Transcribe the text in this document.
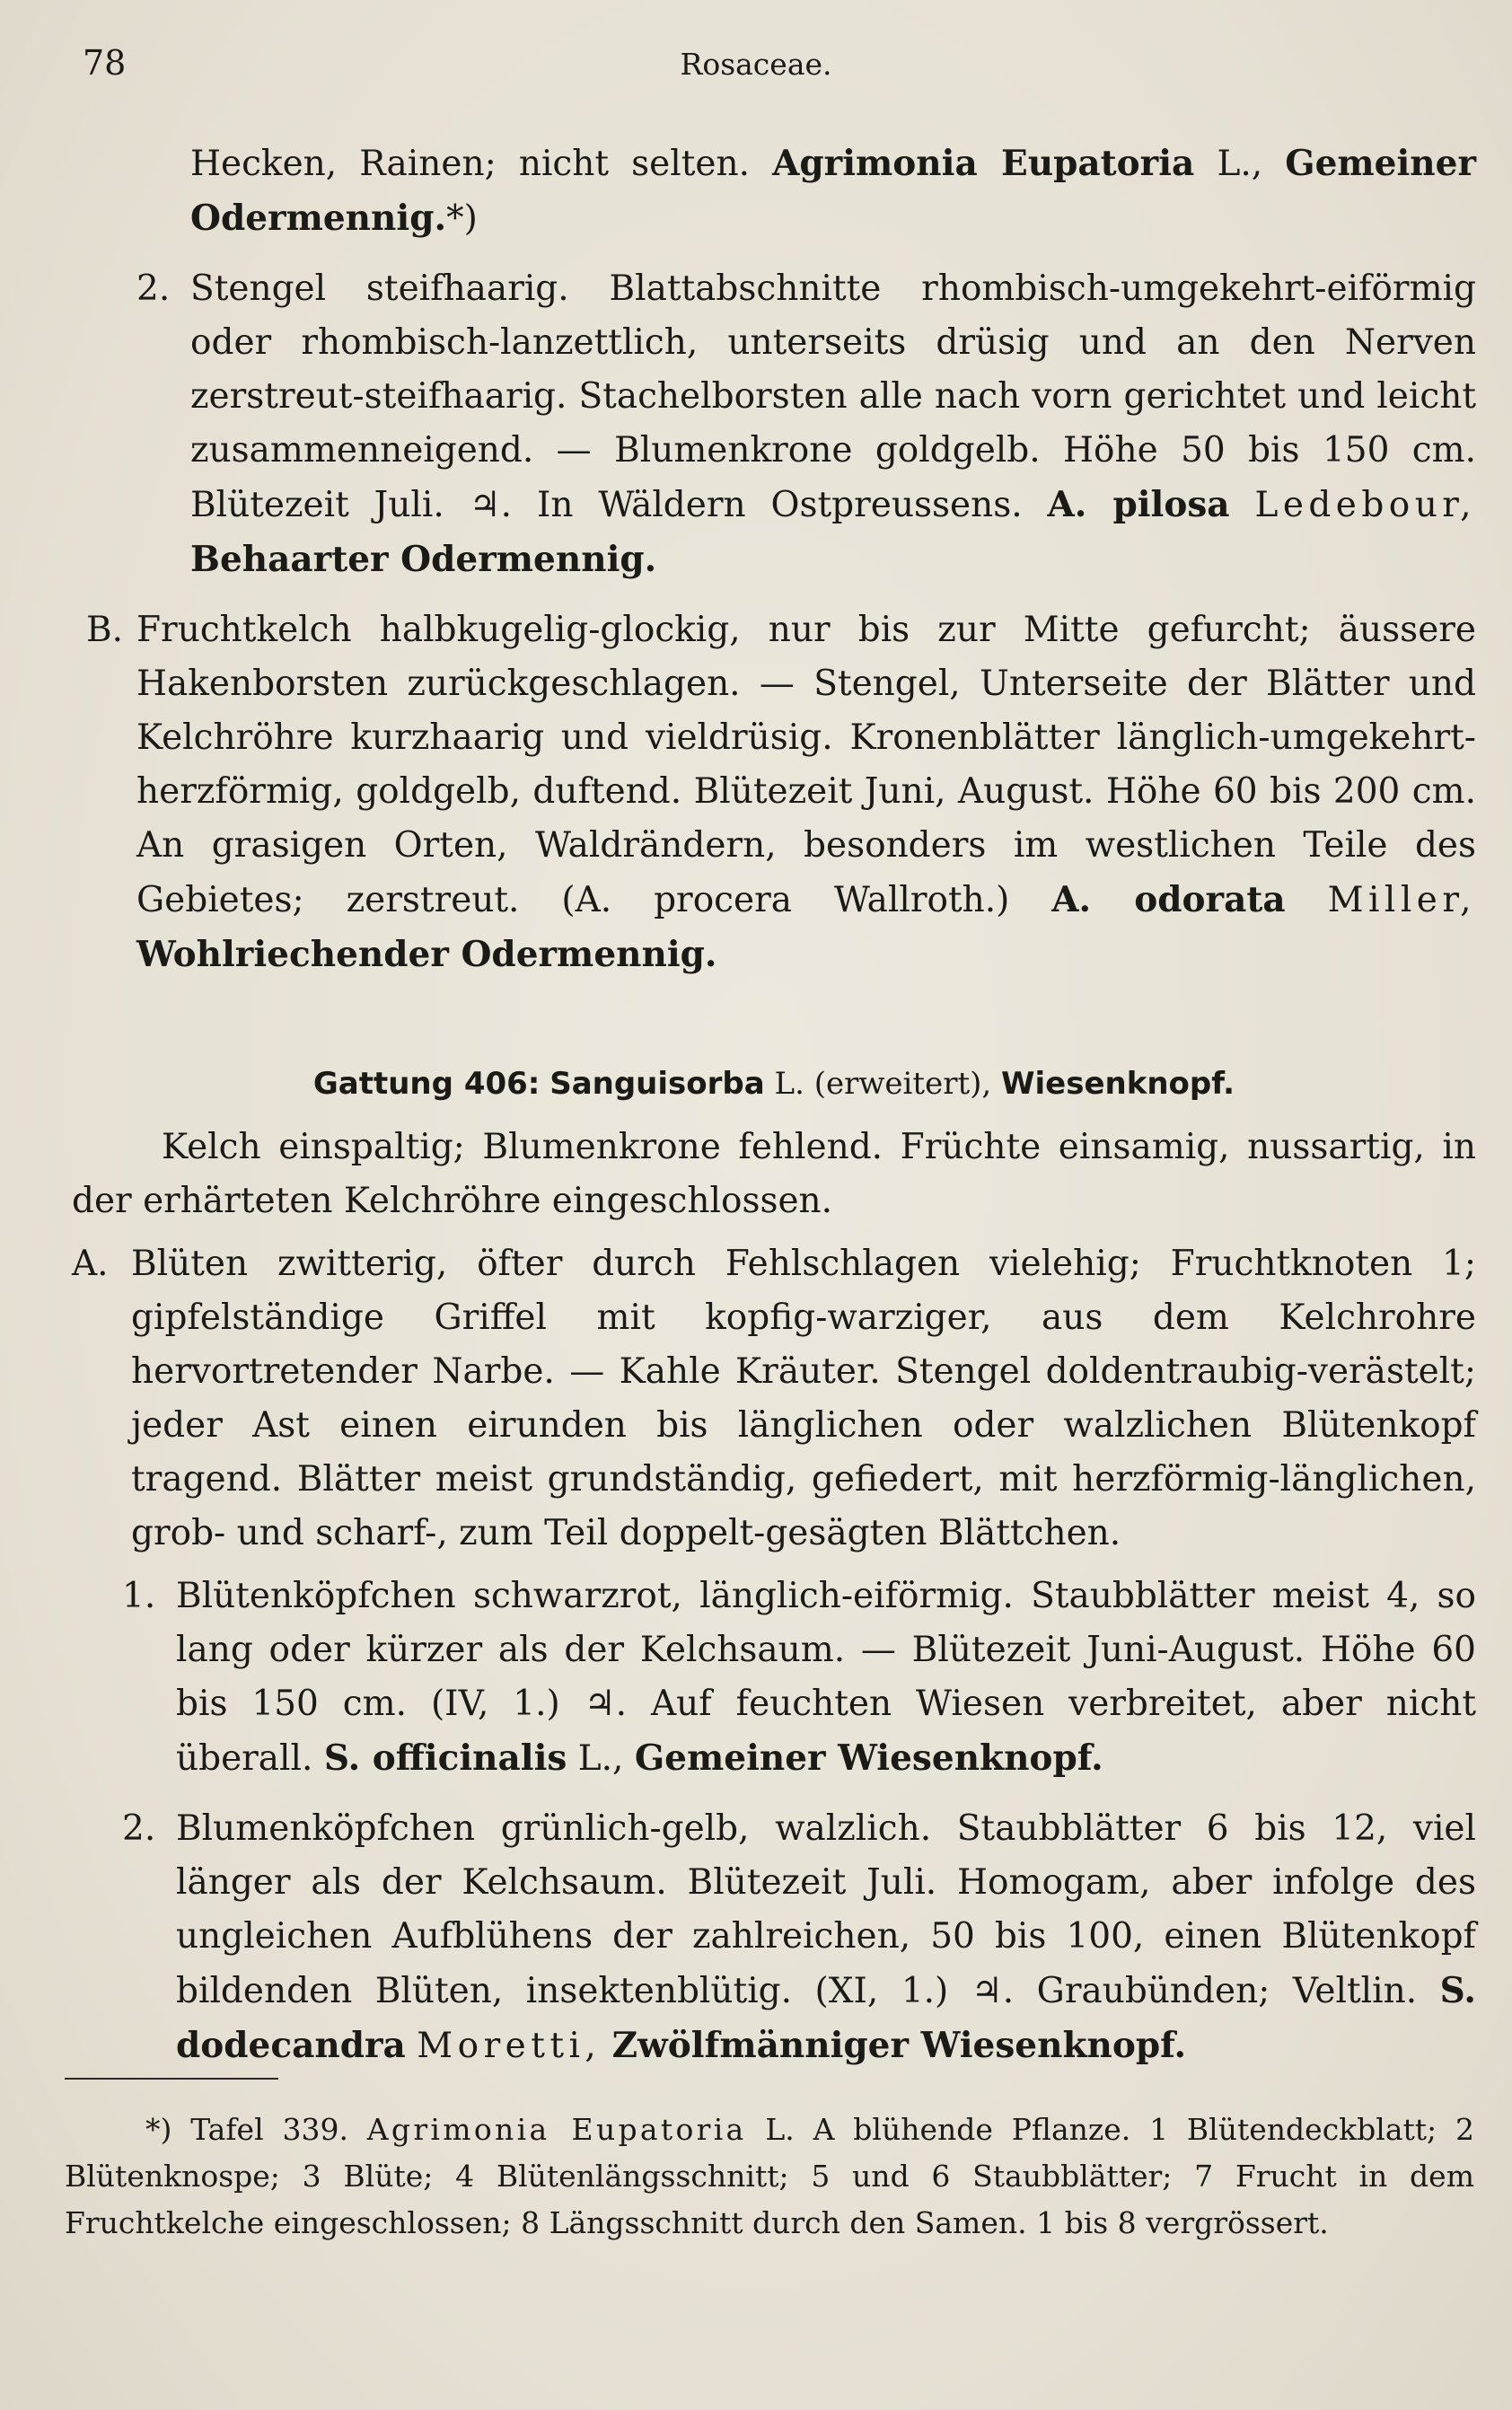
78	Rosaceae.

Hecken, Rainen; nicht selten. Agrimonia Eupatoria L., Gemeiner Odermennig.*)

2. Stengel steifhaarig. Blattabschnitte rhombisch-umgekehrt-eiförmig oder rhombisch-lanzettlich, unterseits drüsig und an den Nerven zerstreut-steifhaarig. Stachelborsten alle nach vorn gerichtet und leicht zusammenneigend. — Blumenkrone goldgelb. Höhe 50 bis 150 cm. Blütezeit Juli. ♃. In Wäldern Ostpreussens. A. pilosa Ledebour, Behaarter Odermennig.

B. Fruchtkelch halbkugelig-glockig, nur bis zur Mitte gefurcht; äussere Hakenborsten zurückgeschlagen. — Stengel, Unterseite der Blätter und Kelchröhre kurzhaarig und vieldrüsig. Kronenblätter länglich-umgekehrt-herzförmig, goldgelb, duftend. Blütezeit Juni, August. Höhe 60 bis 200 cm. An grasigen Orten, Waldrändern, besonders im westlichen Teile des Gebietes; zerstreut. (A. procera Wallroth.) A. odorata Miller, Wohlriechender Odermennig.

Gattung 406: Sanguisorba L. (erweitert), Wiesenknopf.

Kelch einspaltig; Blumenkrone fehlend. Früchte einsamig, nussartig, in der erhärteten Kelchröhre eingeschlossen.

A. Blüten zwitterig, öfter durch Fehlschlagen vielehig; Fruchtknoten 1; gipfelständige Griffel mit kopfig-warziger, aus dem Kelchrohre hervortretender Narbe. — Kahle Kräuter. Stengel doldentraubig-verästelt; jeder Ast einen eirunden bis länglichen oder walzlichen Blütenkopf tragend. Blätter meist grundständig, gefiedert, mit herzförmig-länglichen, grob- und scharf-, zum Teil doppelt-gesägten Blättchen.

1. Blütenköpfchen schwarzrot, länglich-eiförmig. Staubblätter meist 4, so lang oder kürzer als der Kelchsaum. — Blütezeit Juni-August. Höhe 60 bis 150 cm. (IV, 1.) ♃. Auf feuchten Wiesen verbreitet, aber nicht überall. S. officinalis L., Gemeiner Wiesenknopf.

2. Blumenköpfchen grünlich-gelb, walzlich. Staubblätter 6 bis 12, viel länger als der Kelchsaum. Blütezeit Juli. Homogam, aber infolge des ungleichen Aufblühens der zahlreichen, 50 bis 100, einen Blütenkopf bildenden Blüten, insektenblütig. (XI, 1.) ♃. Graubünden; Veltlin. S. dodecandra Moretti, Zwölfmänniger Wiesenknopf.

*) Tafel 339. Agrimonia Eupatoria L. A blühende Pflanze. 1 Blütendeckblatt; 2 Blütenknospe; 3 Blüte; 4 Blütenlängsschnitt; 5 und 6 Staubblätter; 7 Frucht in dem Fruchtkelche eingeschlossen; 8 Längsschnitt durch den Samen. 1 bis 8 vergrössert.
